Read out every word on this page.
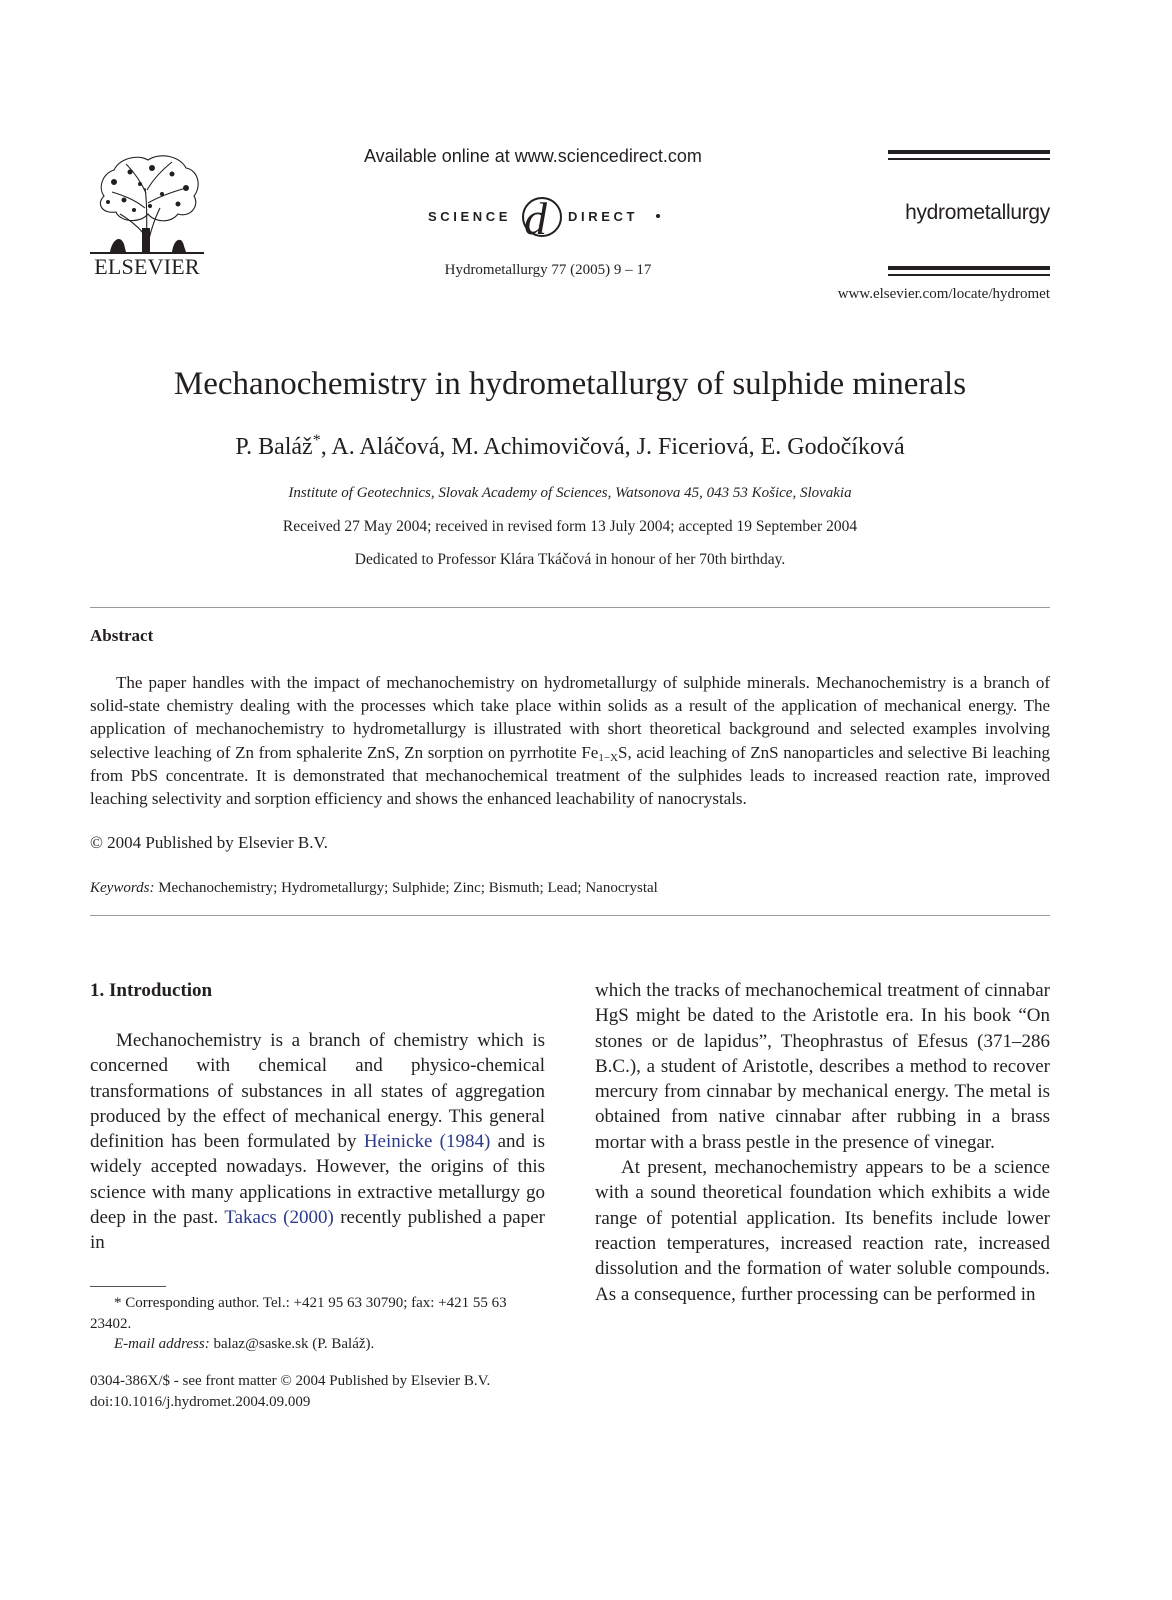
ELSEVIER
Available online at www.sciencedirect.com
SCIENCE d DIRECT
Hydrometallurgy 77 (2005) 9 – 17
hydrometallurgy
www.elsevier.com/locate/hydromet
Mechanochemistry in hydrometallurgy of sulphide minerals
P. Baláž*, A. Aláčová, M. Achimovičová, J. Ficeriová, E. Godočíková
Institute of Geotechnics, Slovak Academy of Sciences, Watsonova 45, 043 53 Košice, Slovakia
Received 27 May 2004; received in revised form 13 July 2004; accepted 19 September 2004
Dedicated to Professor Klára Tkáčová in honour of her 70th birthday.
Abstract

The paper handles with the impact of mechanochemistry on hydrometallurgy of sulphide minerals. Mechanochemistry is a branch of solid-state chemistry dealing with the processes which take place within solids as a result of the application of mechanical energy. The application of mechanochemistry to hydrometallurgy is illustrated with short theoretical background and selected examples involving selective leaching of Zn from sphalerite ZnS, Zn sorption on pyrrhotite $Fe_{1-X}S$, acid leaching of ZnS nanoparticles and selective Bi leaching from PbS concentrate. It is demonstrated that mechanochemical treatment of the sulphides leads to increased reaction rate, improved leaching selectivity and sorption efficiency and shows the enhanced leachability of nanocrystals.

© 2004 Published by Elsevier B.V.
Keywords: Mechanochemistry; Hydrometallurgy; Sulphide; Zinc; Bismuth; Lead; Nanocrystal
1. Introduction

Mechanochemistry is a branch of chemistry which is concerned with chemical and physico-chemical transformations of substances in all states of aggregation produced by the effect of mechanical energy. This general definition has been formulated by Heinicke (1984) and is widely accepted nowadays. However, the origins of this science with many applications in extractive metallurgy go deep in the past. Takacs (2000) recently published a paper in

which the tracks of mechanochemical treatment of cinnabar HgS might be dated to the Aristotle era. In his book “On stones or de lapidus”, Theophrastus of Efesus (371–286 B.C.), a student of Aristotle, describes a method to recover mercury from cinnabar by mechanical energy. The metal is obtained from native cinnabar after rubbing in a brass mortar with a brass pestle in the presence of vinegar.

At present, mechanochemistry appears to be a science with a sound theoretical foundation which exhibits a wide range of potential application. Its benefits include lower reaction temperatures, increased reaction rate, increased dissolution and the formation of water soluble compounds. As a consequence, further processing can be performed in

* Corresponding author. Tel.: +421 95 63 30790; fax: +421 55 63 23402.

E-mail address: balaz@saske.sk (P. Baláž).

0304-386X/$ - see front matter © 2004 Published by Elsevier B.V.

doi:10.1016/j.hydromet.2004.09.009
